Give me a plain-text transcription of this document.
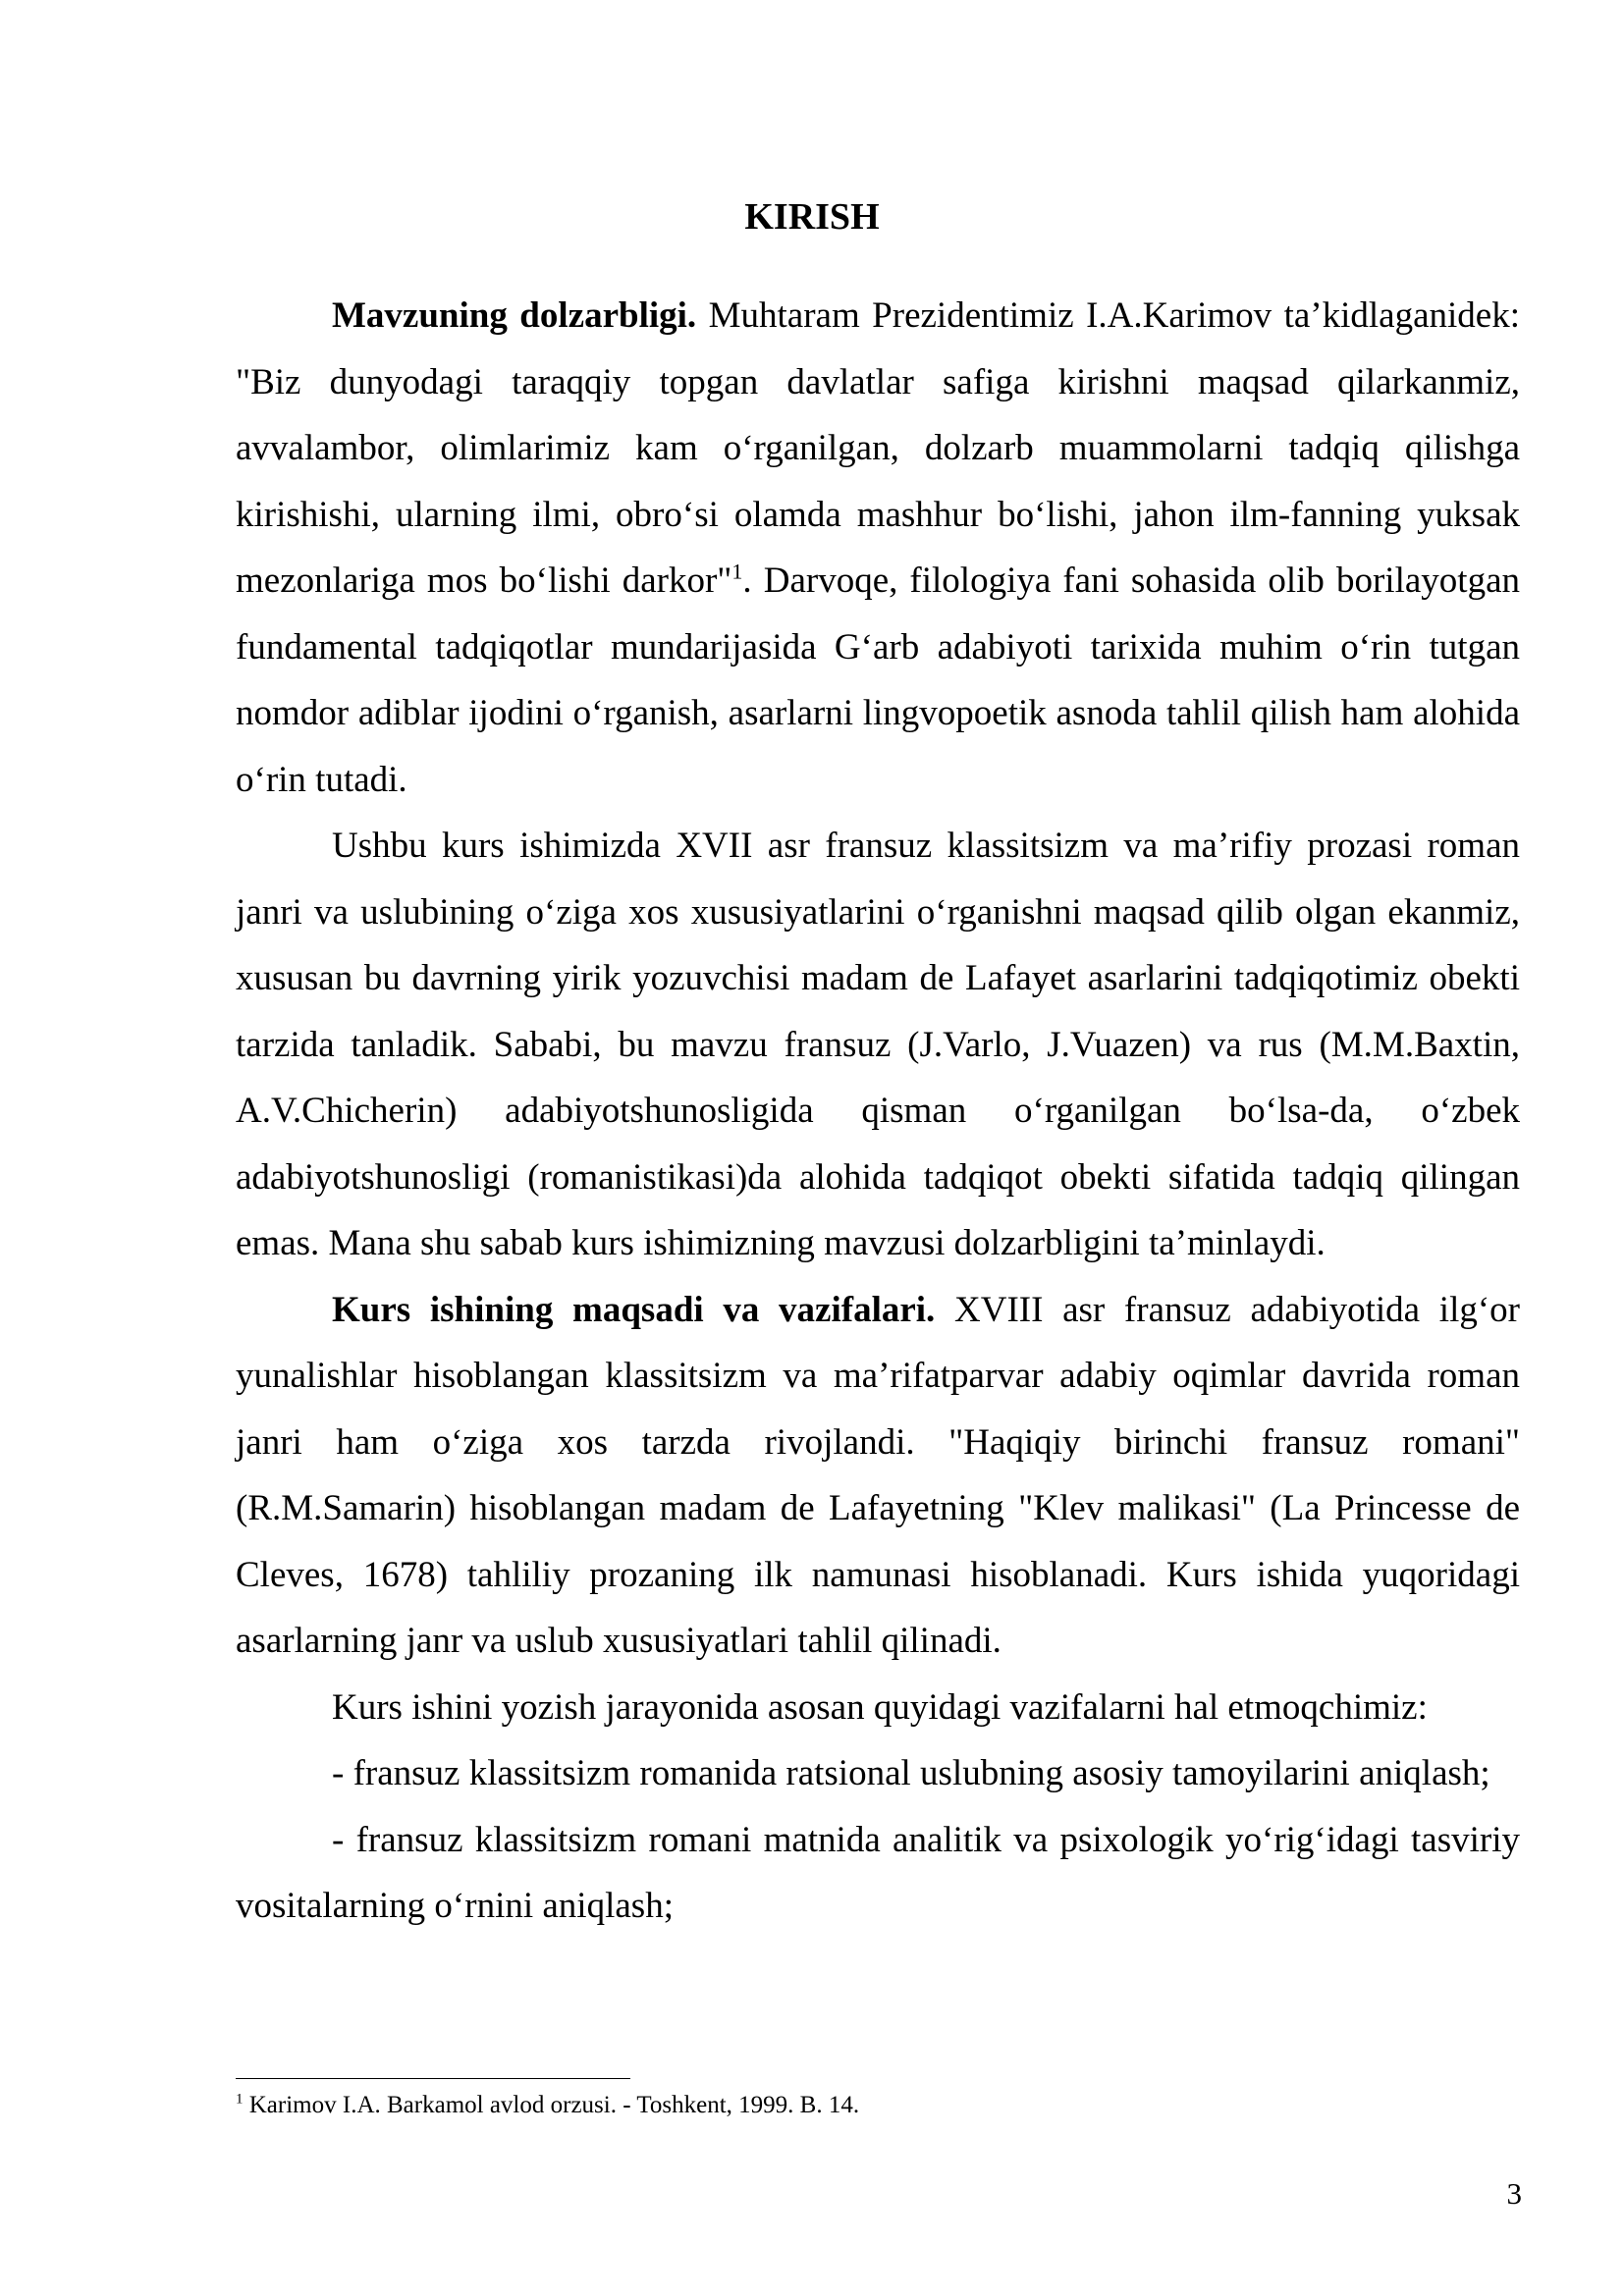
KIRISH

Mavzuning dolzarbligi. Muhtaram Prezidentimiz I.A.Karimov ta’kidlaganidek: "Biz dunyodagi taraqqiy topgan davlatlar safiga kirishni maqsad qilarkanmiz, avvalambor, olimlarimiz kam o‘rganilgan, dolzarb muammolarni tadqiq qilishga kirishishi, ularning ilmi, obro‘si olamda mashhur bo‘lishi, jahon ilm-fanning yuksak mezonlariga mos bo‘lishi darkor"$^1$. Darvoqe, filologiya fani sohasida olib borilayotgan fundamental tadqiqotlar mundarijasida G‘arb adabiyoti tarixida muhim o‘rin tutgan nomdor adiblar ijodini o‘rganish, asarlarni lingvopoetik asnoda tahlil qilish ham alohida o‘rin tutadi.

Ushbu kurs ishimizda XVII asr fransuz klassitsizm va ma’rifiy prozasi roman janri va uslubining o‘ziga xos xususiyatlarini o‘rganishni maqsad qilib olgan ekanmiz, xususan bu davrning yirik yozuvchisi madam de Lafayet asarlarini tadqiqotimiz obekti tarzida tanladik. Sababi, bu mavzu fransuz (J.Varlo, J.Vuazen) va rus (M.M.Baxtin, A.V.Chicherin) adabiyotshunosligida qisman o‘rganilgan bo‘lsa-da, o‘zbek adabiyotshunosligi (romanistikasi)da alohida tadqiqot obekti sifatida tadqiq qilingan emas. Mana shu sabab kurs ishimizning mavzusi dolzarbligini ta’minlaydi.

Kurs ishining maqsadi va vazifalari. XVIII asr fransuz adabiyotida ilg‘or yunalishlar hisoblangan klassitsizm va ma’rifatparvar adabiy oqimlar davrida roman janri ham o‘ziga xos tarzda rivojlandi. "Haqiqiy birinchi fransuz romani" (R.M.Samarin) hisoblangan madam de Lafayetning "Klev malikasi" (La Princesse de Cleves, 1678) tahliliy prozaning ilk namunasi hisoblanadi. Kurs ishida yuqoridagi asarlarning janr va uslub xususiyatlari tahlil qilinadi.

Kurs ishini yozish jarayonida asosan quyidagi vazifalarni hal etmoqchimiz:

- fransuz klassitsizm romanida ratsional uslubning asosiy tamoyilarini aniqlash;

- fransuz klassitsizm romani matnida analitik va psixologik yo‘rig‘idagi tasviriy vositalarning o‘rnini aniqlash;

$^1$ Karimov I.A. Barkamol avlod orzusi. - Toshkent, 1999. B. 14.
3
